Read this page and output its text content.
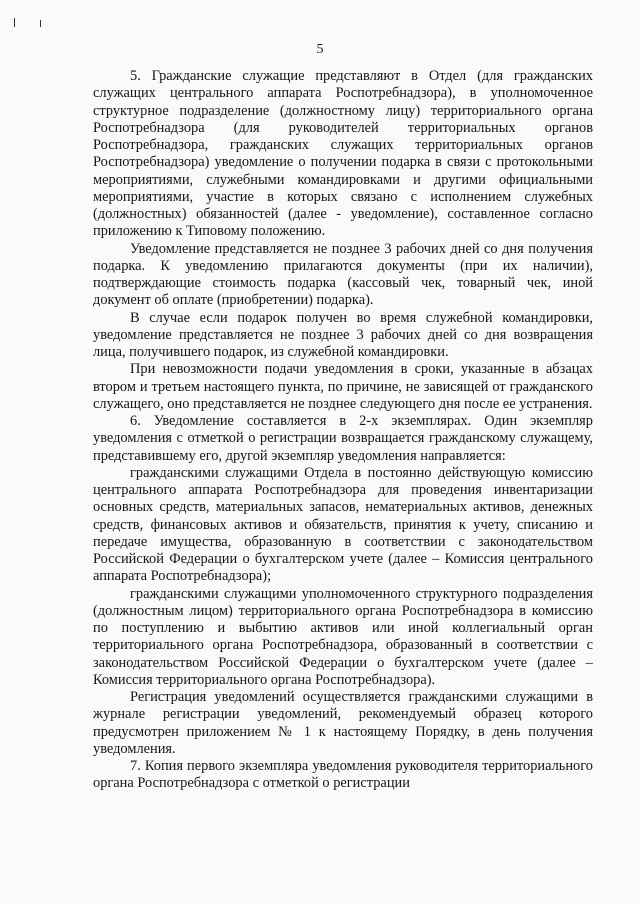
5

5. Гражданские служащие представляют в Отдел (для гражданских служащих центрального аппарата Роспотребнадзора), в уполномоченное структурное подразделение (должностному лицу) территориального органа Роспотребнадзора (для руководителей территориальных органов Роспотребнадзора, гражданских служащих территориальных органов Роспотребнадзора) уведомление о получении подарка в связи с протокольными мероприятиями, служебными командировками и другими официальными мероприятиями, участие в которых связано с исполнением служебных (должностных) обязанностей (далее - уведомление), составленное согласно приложению к Типовому положению.

Уведомление представляется не позднее 3 рабочих дней со дня получения подарка. К уведомлению прилагаются документы (при их наличии), подтверждающие стоимость подарка (кассовый чек, товарный чек, иной документ об оплате (приобретении) подарка).

В случае если подарок получен во время служебной командировки, уведомление представляется не позднее 3 рабочих дней со дня возвращения лица, получившего подарок, из служебной командировки.

При невозможности подачи уведомления в сроки, указанные в абзацах втором и третьем настоящего пункта, по причине, не зависящей от гражданского служащего, оно представляется не позднее следующего дня после ее устранения.

6. Уведомление составляется в 2-х экземплярах. Один экземпляр уведомления с отметкой о регистрации возвращается гражданскому служащему, представившему его, другой экземпляр уведомления направляется:

гражданскими служащими Отдела в постоянно действующую комиссию центрального аппарата Роспотребнадзора для проведения инвентаризации основных средств, материальных запасов, нематериальных активов, денежных средств, финансовых активов и обязательств, принятия к учету, списанию и передаче имущества, образованную в соответствии с законодательством Российской Федерации о бухгалтерском учете (далее – Комиссия центрального аппарата Роспотребнадзора);

гражданскими служащими уполномоченного структурного подразделения (должностным лицом) территориального органа Роспотребнадзора в комиссию по поступлению и выбытию активов или иной коллегиальный орган территориального органа Роспотребнадзора, образованный в соответствии с законодательством Российской Федерации о бухгалтерском учете (далее – Комиссия территориального органа Роспотребнадзора).

Регистрация уведомлений осуществляется гражданскими служащими в журнале регистрации уведомлений, рекомендуемый образец которого предусмотрен приложением № 1 к настоящему Порядку, в день получения уведомления.

7. Копия первого экземпляра уведомления руководителя территориального органа Роспотребнадзора с отметкой о регистрации
